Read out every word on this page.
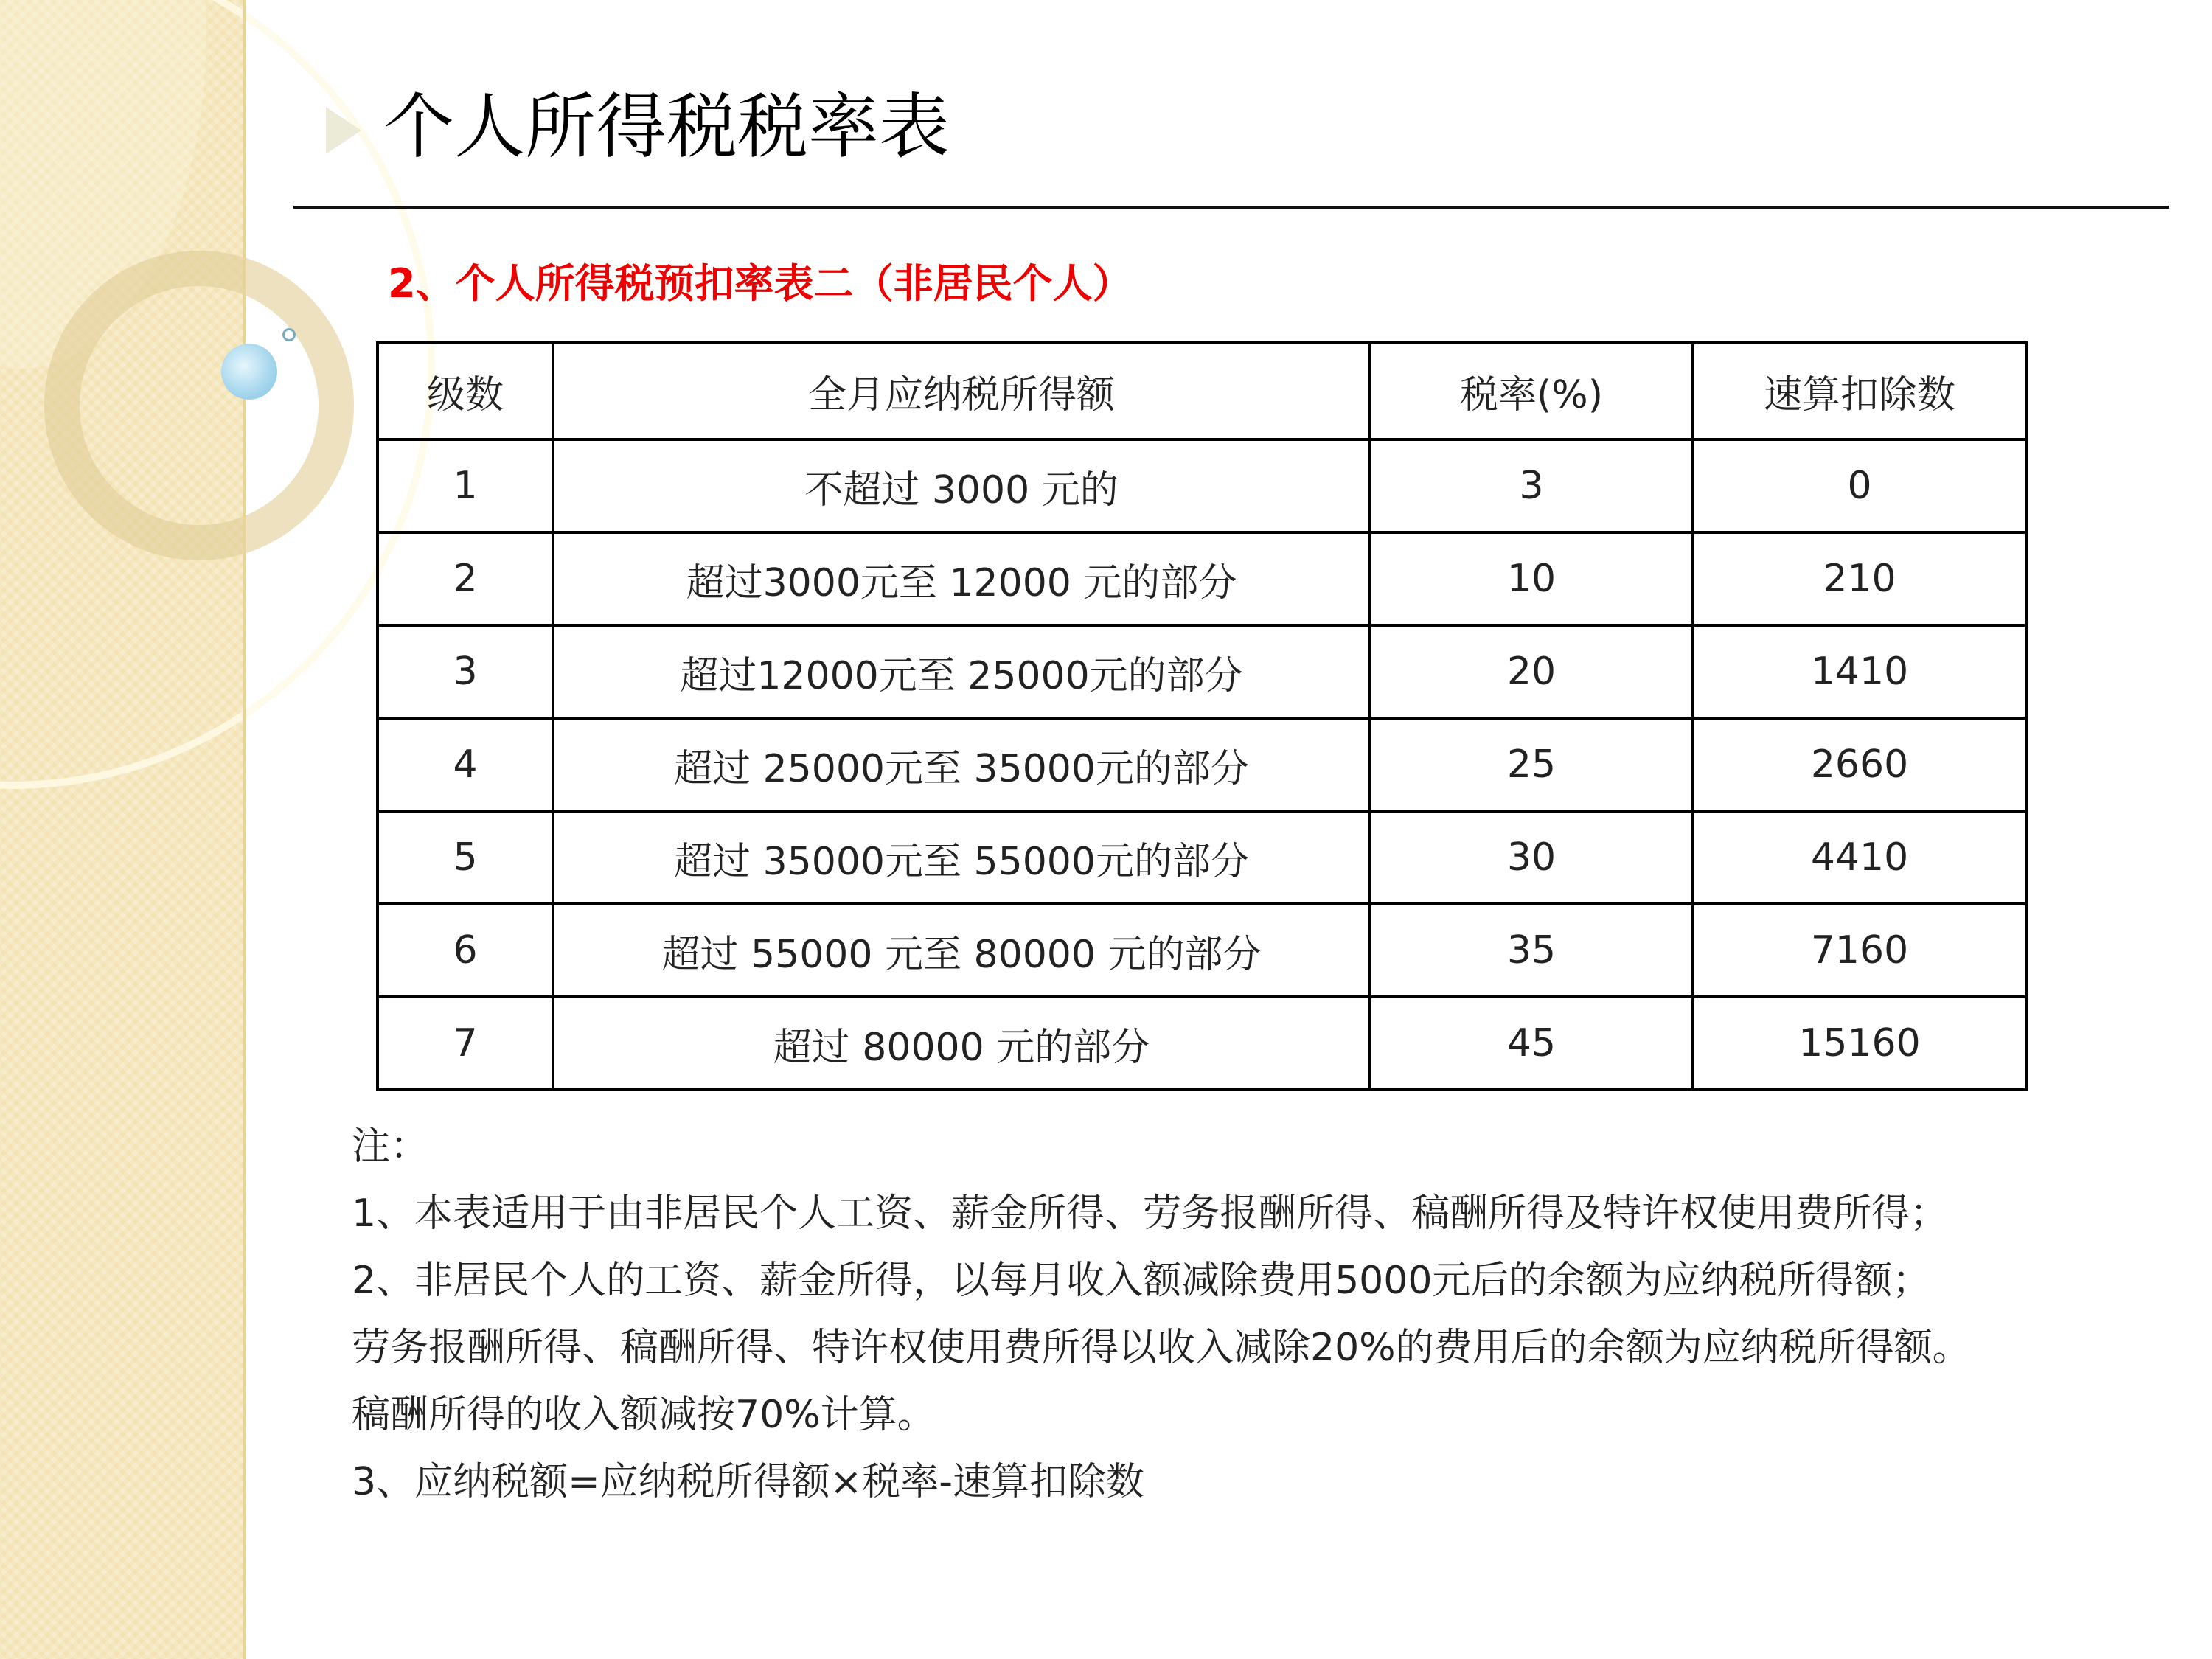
个人所得税税率表
2、个人所得税预扣率表二（非居民个人）
级数	全月应纳税所得额	税率(%)	速算扣除数
1	不超过 3000 元的	3	0
2	超过3000元至 12000 元的部分	10	210
3	超过12000元至 25000元的部分	20	1410
4	超过 25000元至 35000元的部分	25	2660
5	超过 35000元至 55000元的部分	30	4410
6	超过 55000 元至 80000 元的部分	35	7160
7	超过 80000 元的部分	45	15160
注：
1、本表适用于由非居民个人工资、薪金所得、劳务报酬所得、稿酬所得及特许权使用费所得；
2、非居民个人的工资、薪金所得，以每月收入额减除费用5000元后的余额为应纳税所得额；
劳务报酬所得、稿酬所得、特许权使用费所得以收入减除20%的费用后的余额为应纳税所得额。
稿酬所得的收入额减按70%计算。
3、应纳税额=应纳税所得额×税率-速算扣除数
